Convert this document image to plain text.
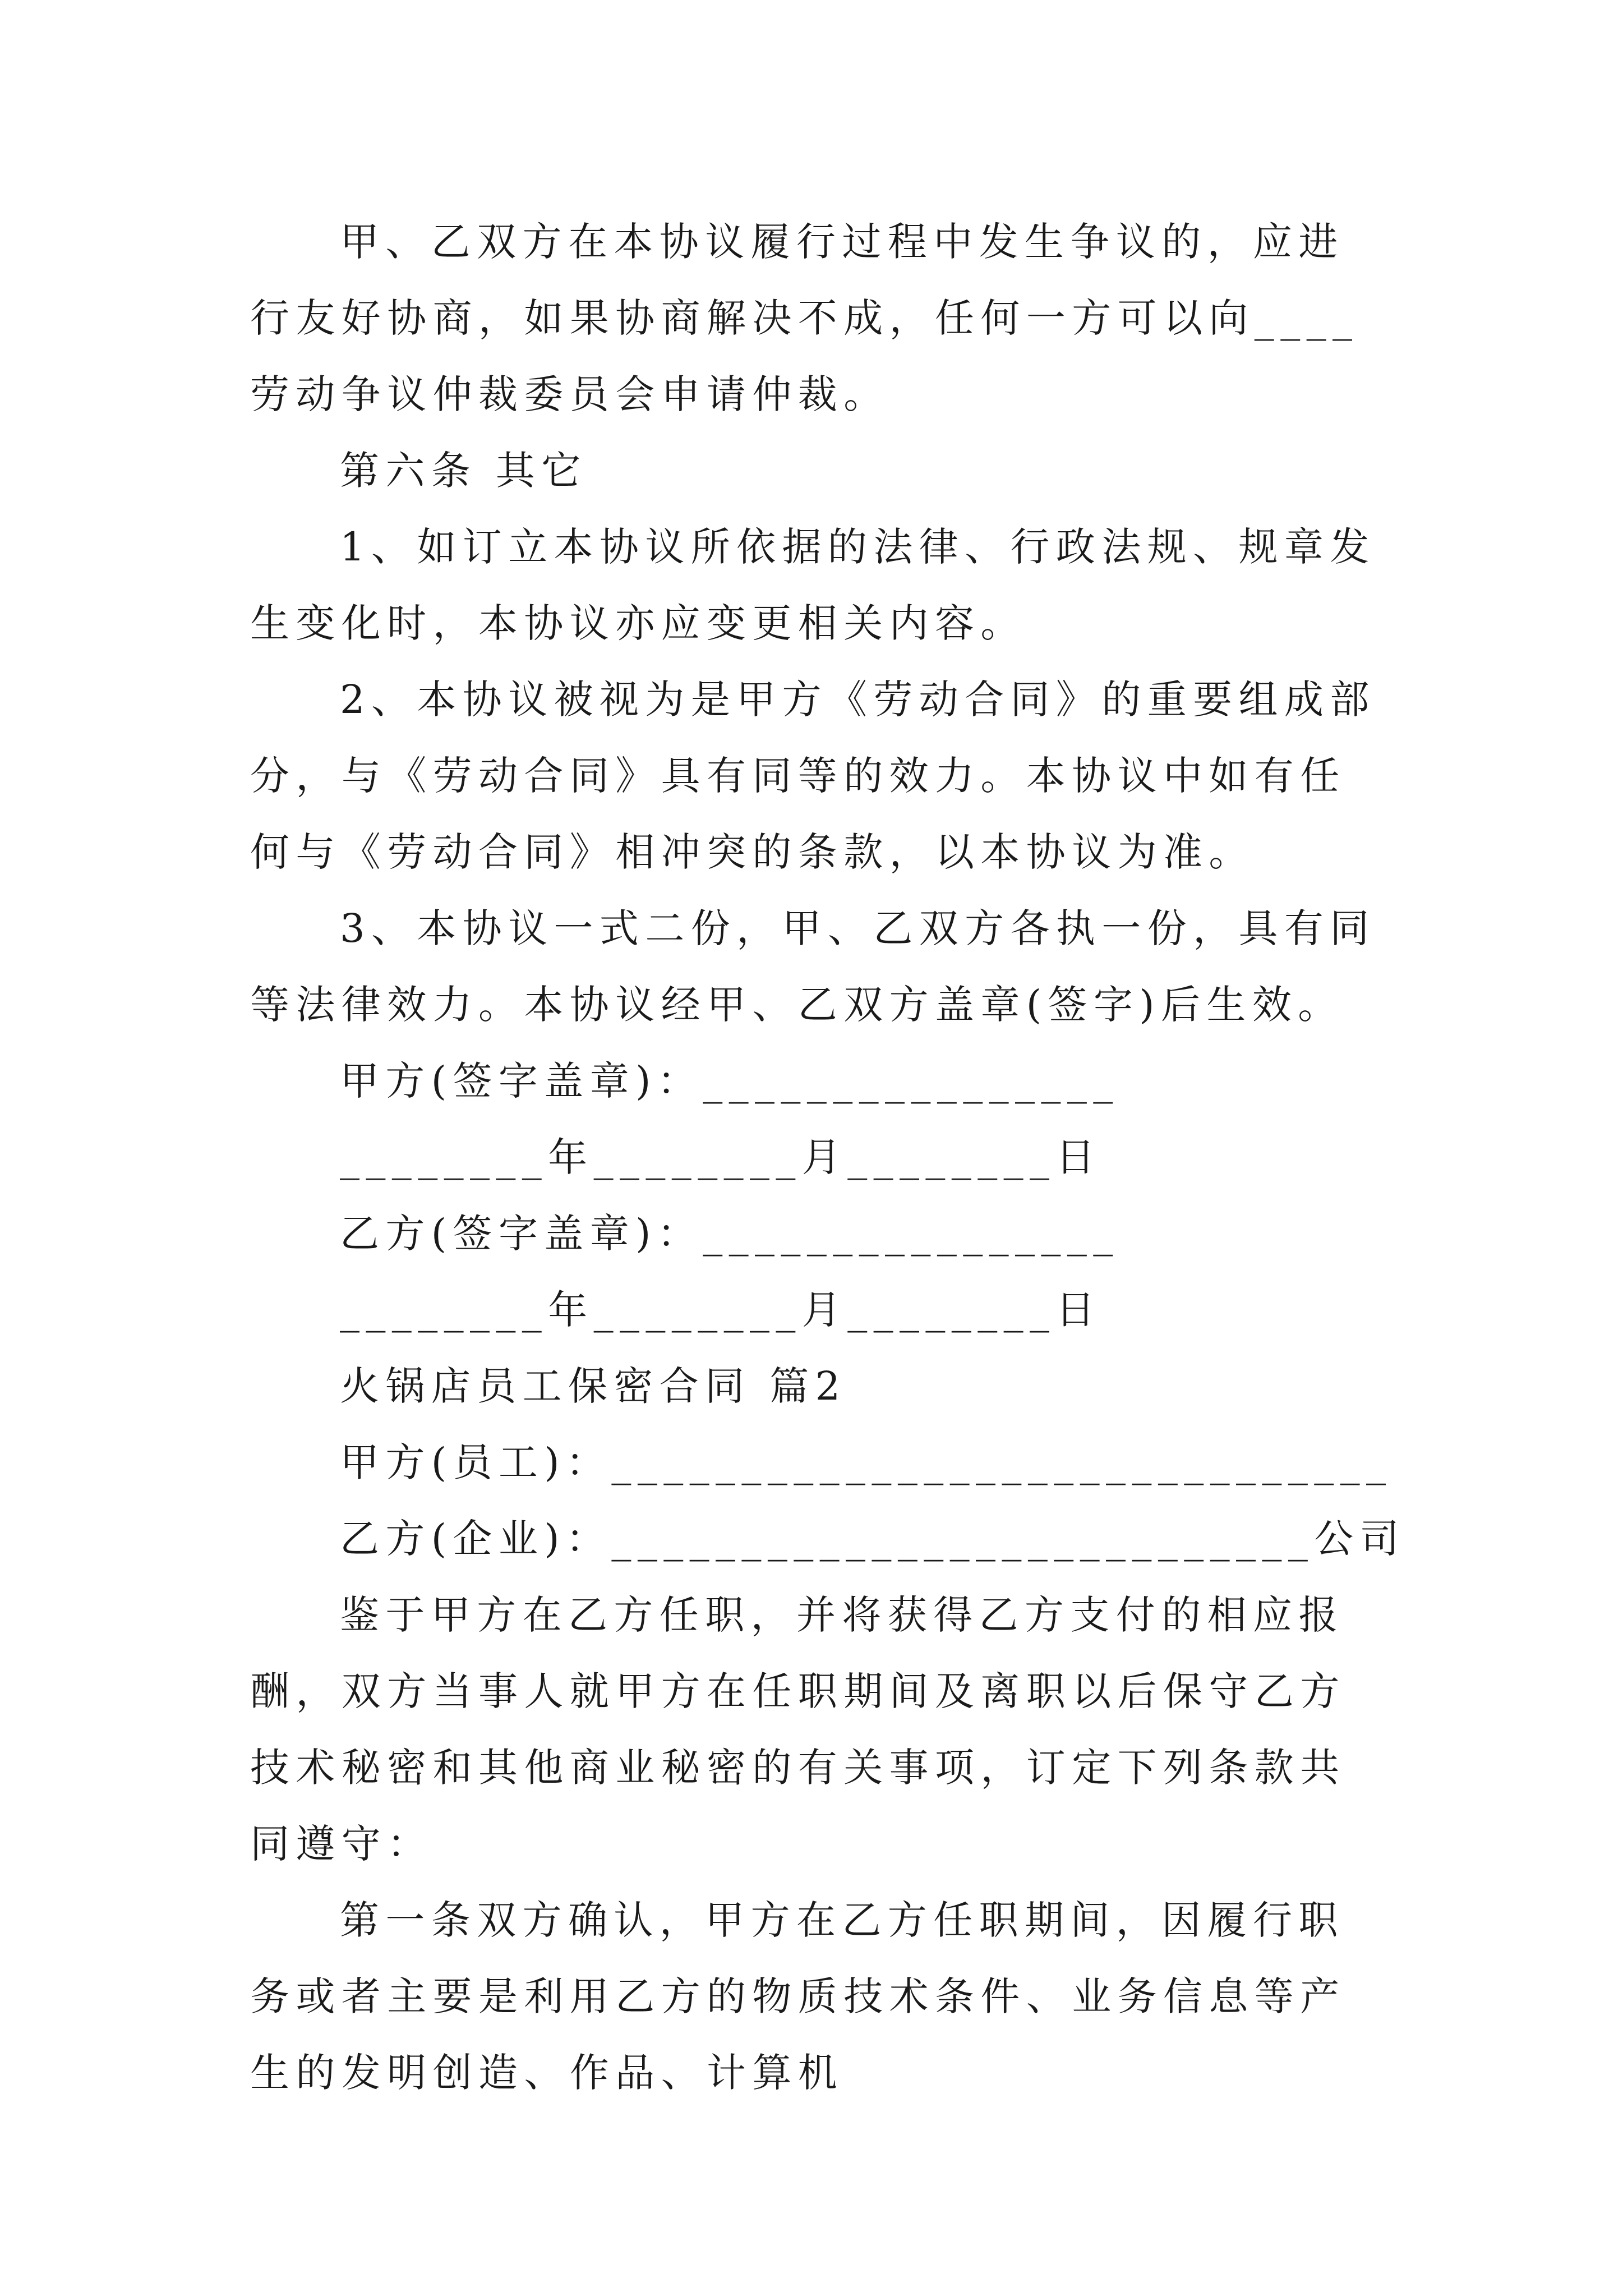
甲、乙双方在本协议履行过程中发生争议的，应进行友好协商，如果协商解决不成，任何一方可以向____劳动争议仲裁委员会申请仲裁。

第六条 其它

1、如订立本协议所依据的法律、行政法规、规章发生变化时，本协议亦应变更相关内容。

2、本协议被视为是甲方《劳动合同》的重要组成部分，与《劳动合同》具有同等的效力。本协议中如有任何与《劳动合同》相冲突的条款，以本协议为准。

3、本协议一式二份，甲、乙双方各执一份，具有同等法律效力。本协议经甲、乙双方盖章(签字)后生效。

甲方(签字盖章)：________________

________年________月________日

乙方(签字盖章)：________________

________年________月________日

火锅店员工保密合同 篇2

甲方(员工)：______________________________

乙方(企业)：___________________________公司

鉴于甲方在乙方任职，并将获得乙方支付的相应报酬，双方当事人就甲方在任职期间及离职以后保守乙方技术秘密和其他商业秘密的有关事项，订定下列条款共同遵守：

第一条双方确认，甲方在乙方任职期间，因履行职务或者主要是利用乙方的物质技术条件、业务信息等产生的发明创造、作品、计算机
